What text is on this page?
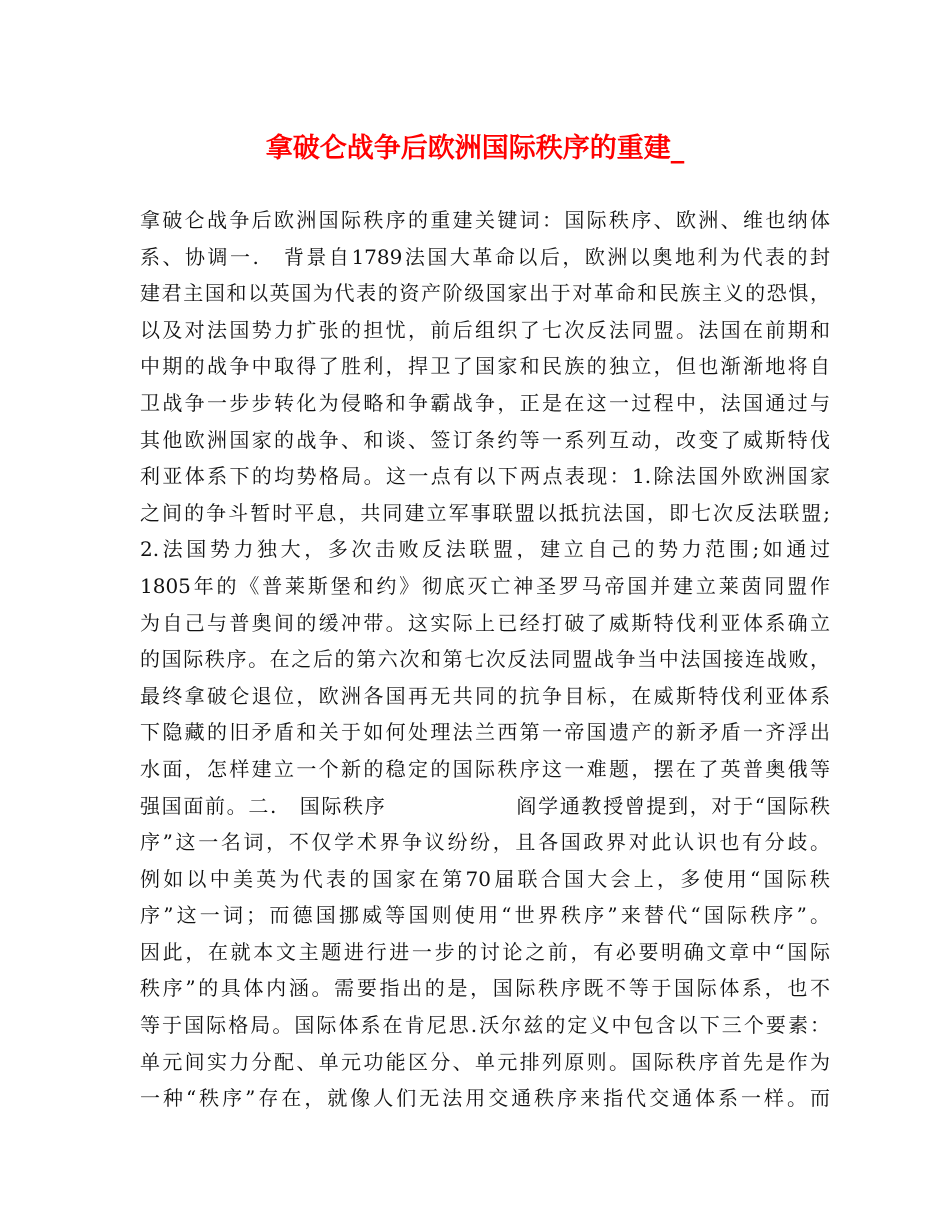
拿破仑战争后欧洲国际秩序的重建_
拿破仑战争后欧洲国际秩序的重建关键词：国际秩序、欧洲、维也纳体
系、协调一.　背景自1789法国大革命以后，欧洲以奥地利为代表的封
建君主国和以英国为代表的资产阶级国家出于对革命和民族主义的恐惧，
以及对法国势力扩张的担忧，前后组织了七次反法同盟。法国在前期和
中期的战争中取得了胜利，捍卫了国家和民族的独立，但也渐渐地将自
卫战争一步步转化为侵略和争霸战争，正是在这一过程中，法国通过与
其他欧洲国家的战争、和谈、签订条约等一系列互动，改变了威斯特伐
利亚体系下的均势格局。这一点有以下两点表现：1.除法国外欧洲国家
之间的争斗暂时平息，共同建立军事联盟以抵抗法国，即七次反法联盟;
2.法国势力独大，多次击败反法联盟，建立自己的势力范围;如通过
1805年的《普莱斯堡和约》彻底灭亡神圣罗马帝国并建立莱茵同盟作
为自己与普奥间的缓冲带。这实际上已经打破了威斯特伐利亚体系确立
的国际秩序。在之后的第六次和第七次反法同盟战争当中法国接连战败，
最终拿破仑退位，欧洲各国再无共同的抗争目标，在威斯特伐利亚体系
下隐藏的旧矛盾和关于如何处理法兰西第一帝国遗产的新矛盾一齐浮出
水面，怎样建立一个新的稳定的国际秩序这一难题，摆在了英普奥俄等
强国面前。二.　国际秩序　　　　　　阎学通教授曾提到，对于“国际秩
序”这一名词，不仅学术界争议纷纷，且各国政界对此认识也有分歧。
例如以中美英为代表的国家在第70届联合国大会上，多使用“国际秩
序”这一词；而德国挪威等国则使用“世界秩序”来替代“国际秩序”。
因此，在就本文主题进行进一步的讨论之前，有必要明确文章中“国际
秩序”的具体内涵。需要指出的是，国际秩序既不等于国际体系，也不
等于国际格局。国际体系在肯尼思.沃尔兹的定义中包含以下三个要素：
单元间实力分配、单元功能区分、单元排列原则。国际秩序首先是作为
一种“秩序”存在，就像人们无法用交通秩序来指代交通体系一样。而
